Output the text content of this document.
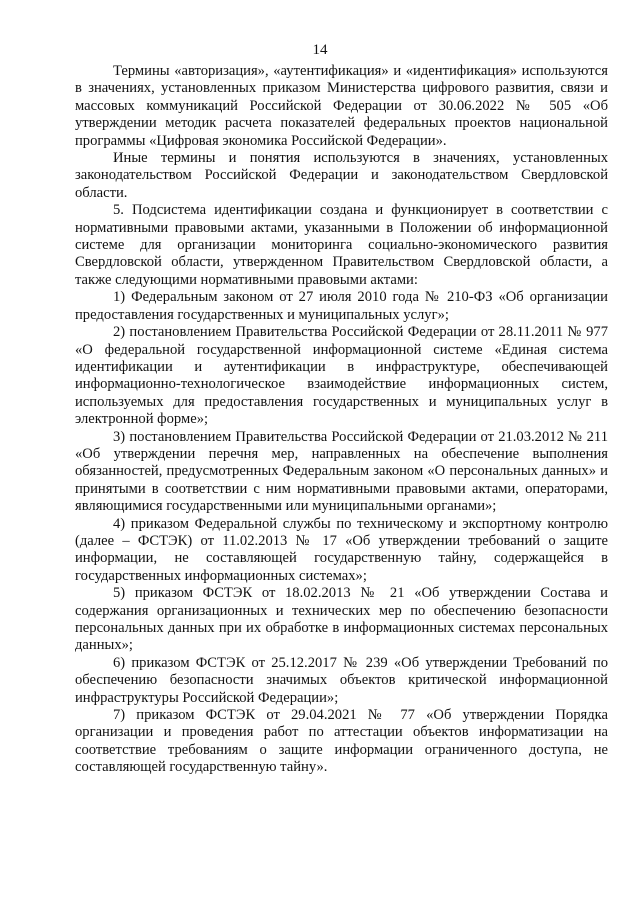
14

Термины «авторизация», «аутентификация» и «идентификация» используются в значениях, установленных приказом Министерства цифрового развития, связи и массовых коммуникаций Российской Федерации от 30.06.2022 № 505 «Об утверждении методик расчета показателей федеральных проектов национальной программы «Цифровая экономика Российской Федерации».

Иные термины и понятия используются в значениях, установленных законодательством Российской Федерации и законодательством Свердловской области.

5. Подсистема идентификации создана и функционирует в соответствии с нормативными правовыми актами, указанными в Положении об информационной системе для организации мониторинга социально-экономического развития Свердловской области, утвержденном Правительством Свердловской области, а также следующими нормативными правовыми актами:

1) Федеральным законом от 27 июля 2010 года № 210-ФЗ «Об организации предоставления государственных и муниципальных услуг»;

2) постановлением Правительства Российской Федерации от 28.11.2011 № 977 «О федеральной государственной информационной системе «Единая система идентификации и аутентификации в инфраструктуре, обеспечивающей информационно-технологическое взаимодействие информационных систем, используемых для предоставления государственных и муниципальных услуг в электронной форме»;

3) постановлением Правительства Российской Федерации от 21.03.2012 № 211 «Об утверждении перечня мер, направленных на обеспечение выполнения обязанностей, предусмотренных Федеральным законом «О персональных данных» и принятыми в соответствии с ним нормативными правовыми актами, операторами, являющимися государственными или муниципальными органами»;

4) приказом Федеральной службы по техническому и экспортному контролю (далее – ФСТЭК) от 11.02.2013 № 17 «Об утверждении требований о защите информации, не составляющей государственную тайну, содержащейся в государственных информационных системах»;

5) приказом ФСТЭК от 18.02.2013 № 21 «Об утверждении Состава и содержания организационных и технических мер по обеспечению безопасности персональных данных при их обработке в информационных системах персональных данных»;

6) приказом ФСТЭК от 25.12.2017 № 239 «Об утверждении Требований по обеспечению безопасности значимых объектов критической информационной инфраструктуры Российской Федерации»;

7) приказом ФСТЭК от 29.04.2021 № 77 «Об утверждении Порядка организации и проведения работ по аттестации объектов информатизации на соответствие требованиям о защите информации ограниченного доступа, не составляющей государственную тайну».
